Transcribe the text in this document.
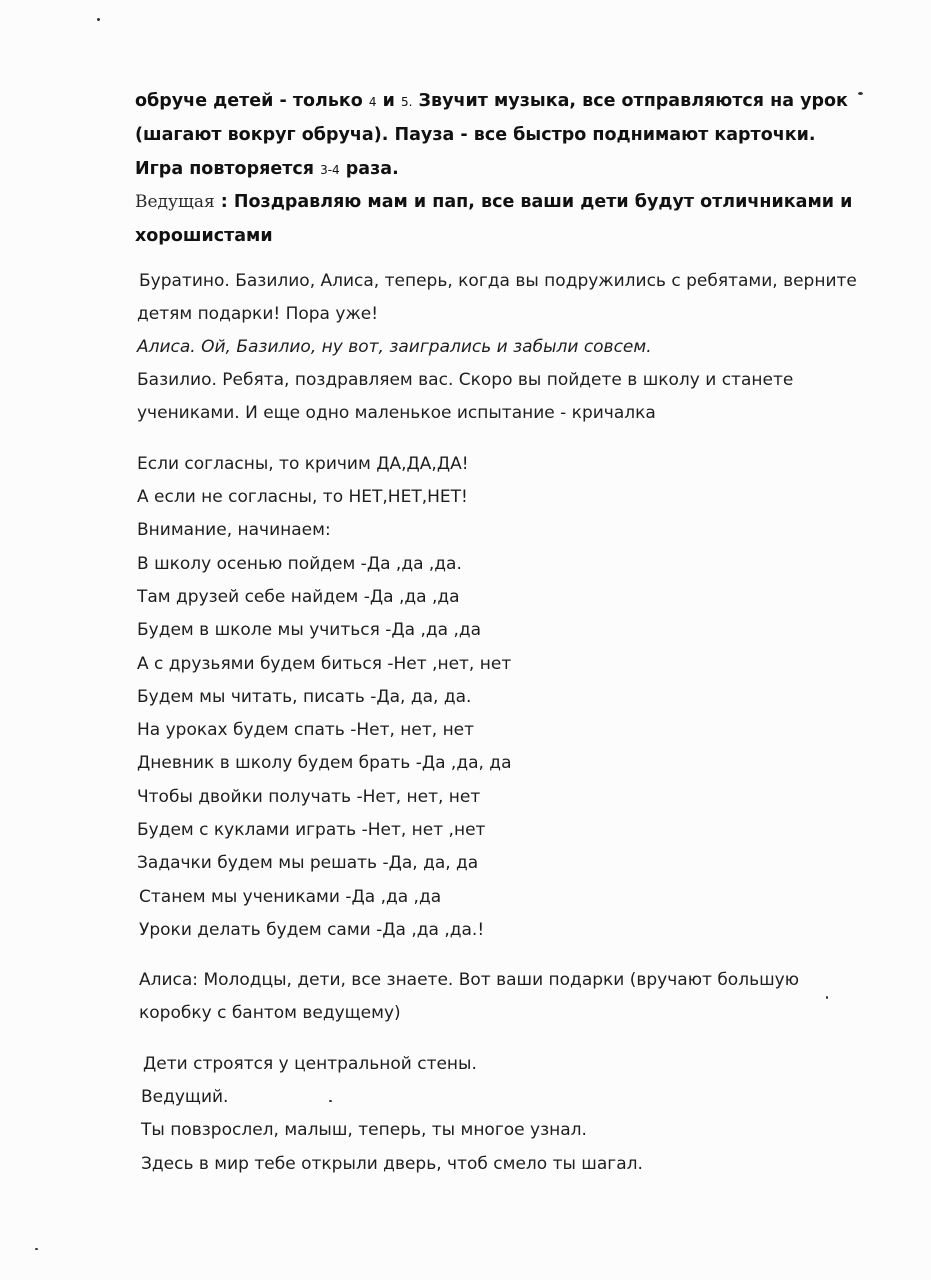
обруче детей - только 4 и 5. Звучит музыка, все отправляются на урок
(шагают вокруг обруча). Пауза - все быстро поднимают карточки.
Игра повторяется 3-4 раза.
Ведущая : Поздравляю мам и пап, все ваши дети будут отличниками и
хорошистами
Буратино. Базилио, Алиса, теперь, когда вы подружились с ребятами, верните
детям подарки! Пора уже!
Алиса. Ой, Базилио, ну вот, заигрались и забыли совсем.
Базилио. Ребята, поздравляем вас. Скоро вы пойдете в школу и станете
учениками. И еще одно маленькое испытание - кричалка
Если согласны, то кричим ДА,ДА,ДА!
А если не согласны, то НЕТ,НЕТ,НЕТ!
Внимание, начинаем:
В школу осенью пойдем -Да ,да ,да.
Там друзей себе найдем -Да ,да ,да
Будем в школе мы учиться -Да ,да ,да
А с друзьями будем биться -Нет ,нет, нет
Будем мы читать, писать -Да, да, да.
На уроках будем спать -Нет, нет, нет
Дневник в школу будем брать -Да ,да, да
Чтобы двойки получать -Нет, нет, нет
Будем с куклами играть -Нет, нет ,нет
Задачки будем мы решать -Да, да, да
Станем мы учениками -Да ,да ,да
Уроки делать будем сами -Да ,да ,да.!
Алиса: Молодцы, дети, все знаете. Вот ваши подарки (вручают большую
коробку с бантом ведущему)
Дети строятся у центральной стены.
Ведущий.
Ты повзрослел, малыш, теперь, ты многое узнал.
Здесь в мир тебе открыли дверь, чтоб смело ты шагал.
